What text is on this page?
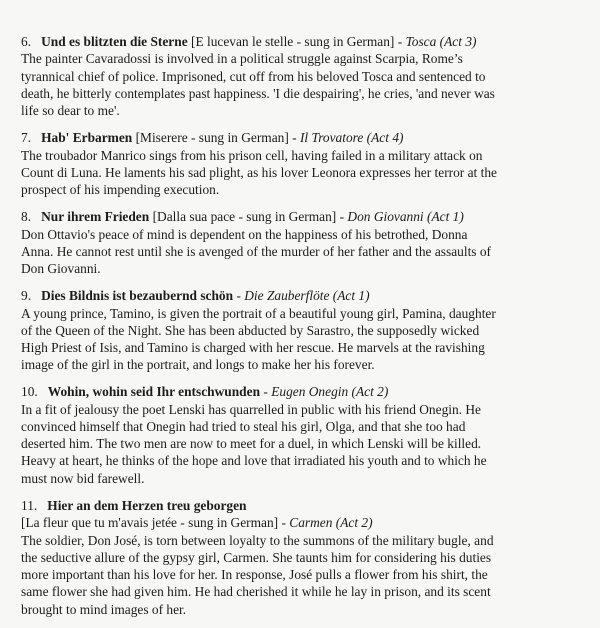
6. Und es blitzten die Sterne [E lucevan le stelle - sung in German] - Tosca (Act 3)
The painter Cavaradossi is involved in a political struggle against Scarpia, Rome’s
tyrannical chief of police. Imprisoned, cut off from his beloved Tosca and sentenced to
death, he bitterly contemplates past happiness. 'I die despairing', he cries, 'and never was
life so dear to me'.
7. Hab' Erbarmen [Miserere - sung in German] - Il Trovatore (Act 4)
The troubador Manrico sings from his prison cell, having failed in a military attack on
Count di Luna. He laments his sad plight, as his lover Leonora expresses her terror at the
prospect of his impending execution.
8. Nur ihrem Frieden [Dalla sua pace - sung in German] - Don Giovanni (Act 1)
Don Ottavio's peace of mind is dependent on the happiness of his betrothed, Donna
Anna. He cannot rest until she is avenged of the murder of her father and the assaults of
Don Giovanni.
9. Dies Bildnis ist bezaubernd schön - Die Zauberflöte (Act 1)
A young prince, Tamino, is given the portrait of a beautiful young girl, Pamina, daughter
of the Queen of the Night. She has been abducted by Sarastro, the supposedly wicked
High Priest of Isis, and Tamino is charged with her rescue. He marvels at the ravishing
image of the girl in the portrait, and longs to make her his forever.
10. Wohin, wohin seid Ihr entschwunden - Eugen Onegin (Act 2)
In a fit of jealousy the poet Lenski has quarrelled in public with his friend Onegin. He
convinced himself that Onegin had tried to steal his girl, Olga, and that she too had
deserted him. The two men are now to meet for a duel, in which Lenski will be killed.
Heavy at heart, he thinks of the hope and love that irradiated his youth and to which he
must now bid farewell.
11. Hier an dem Herzen treu geborgen
[La fleur que tu m'avais jetée - sung in German] - Carmen (Act 2)
The soldier, Don José, is torn between loyalty to the summons of the military bugle, and
the seductive allure of the gypsy girl, Carmen. She taunts him for considering his duties
more important than his love for her. In response, José pulls a flower from his shirt, the
same flower she had given him. He had cherished it while he lay in prison, and its scent
brought to mind images of her.
